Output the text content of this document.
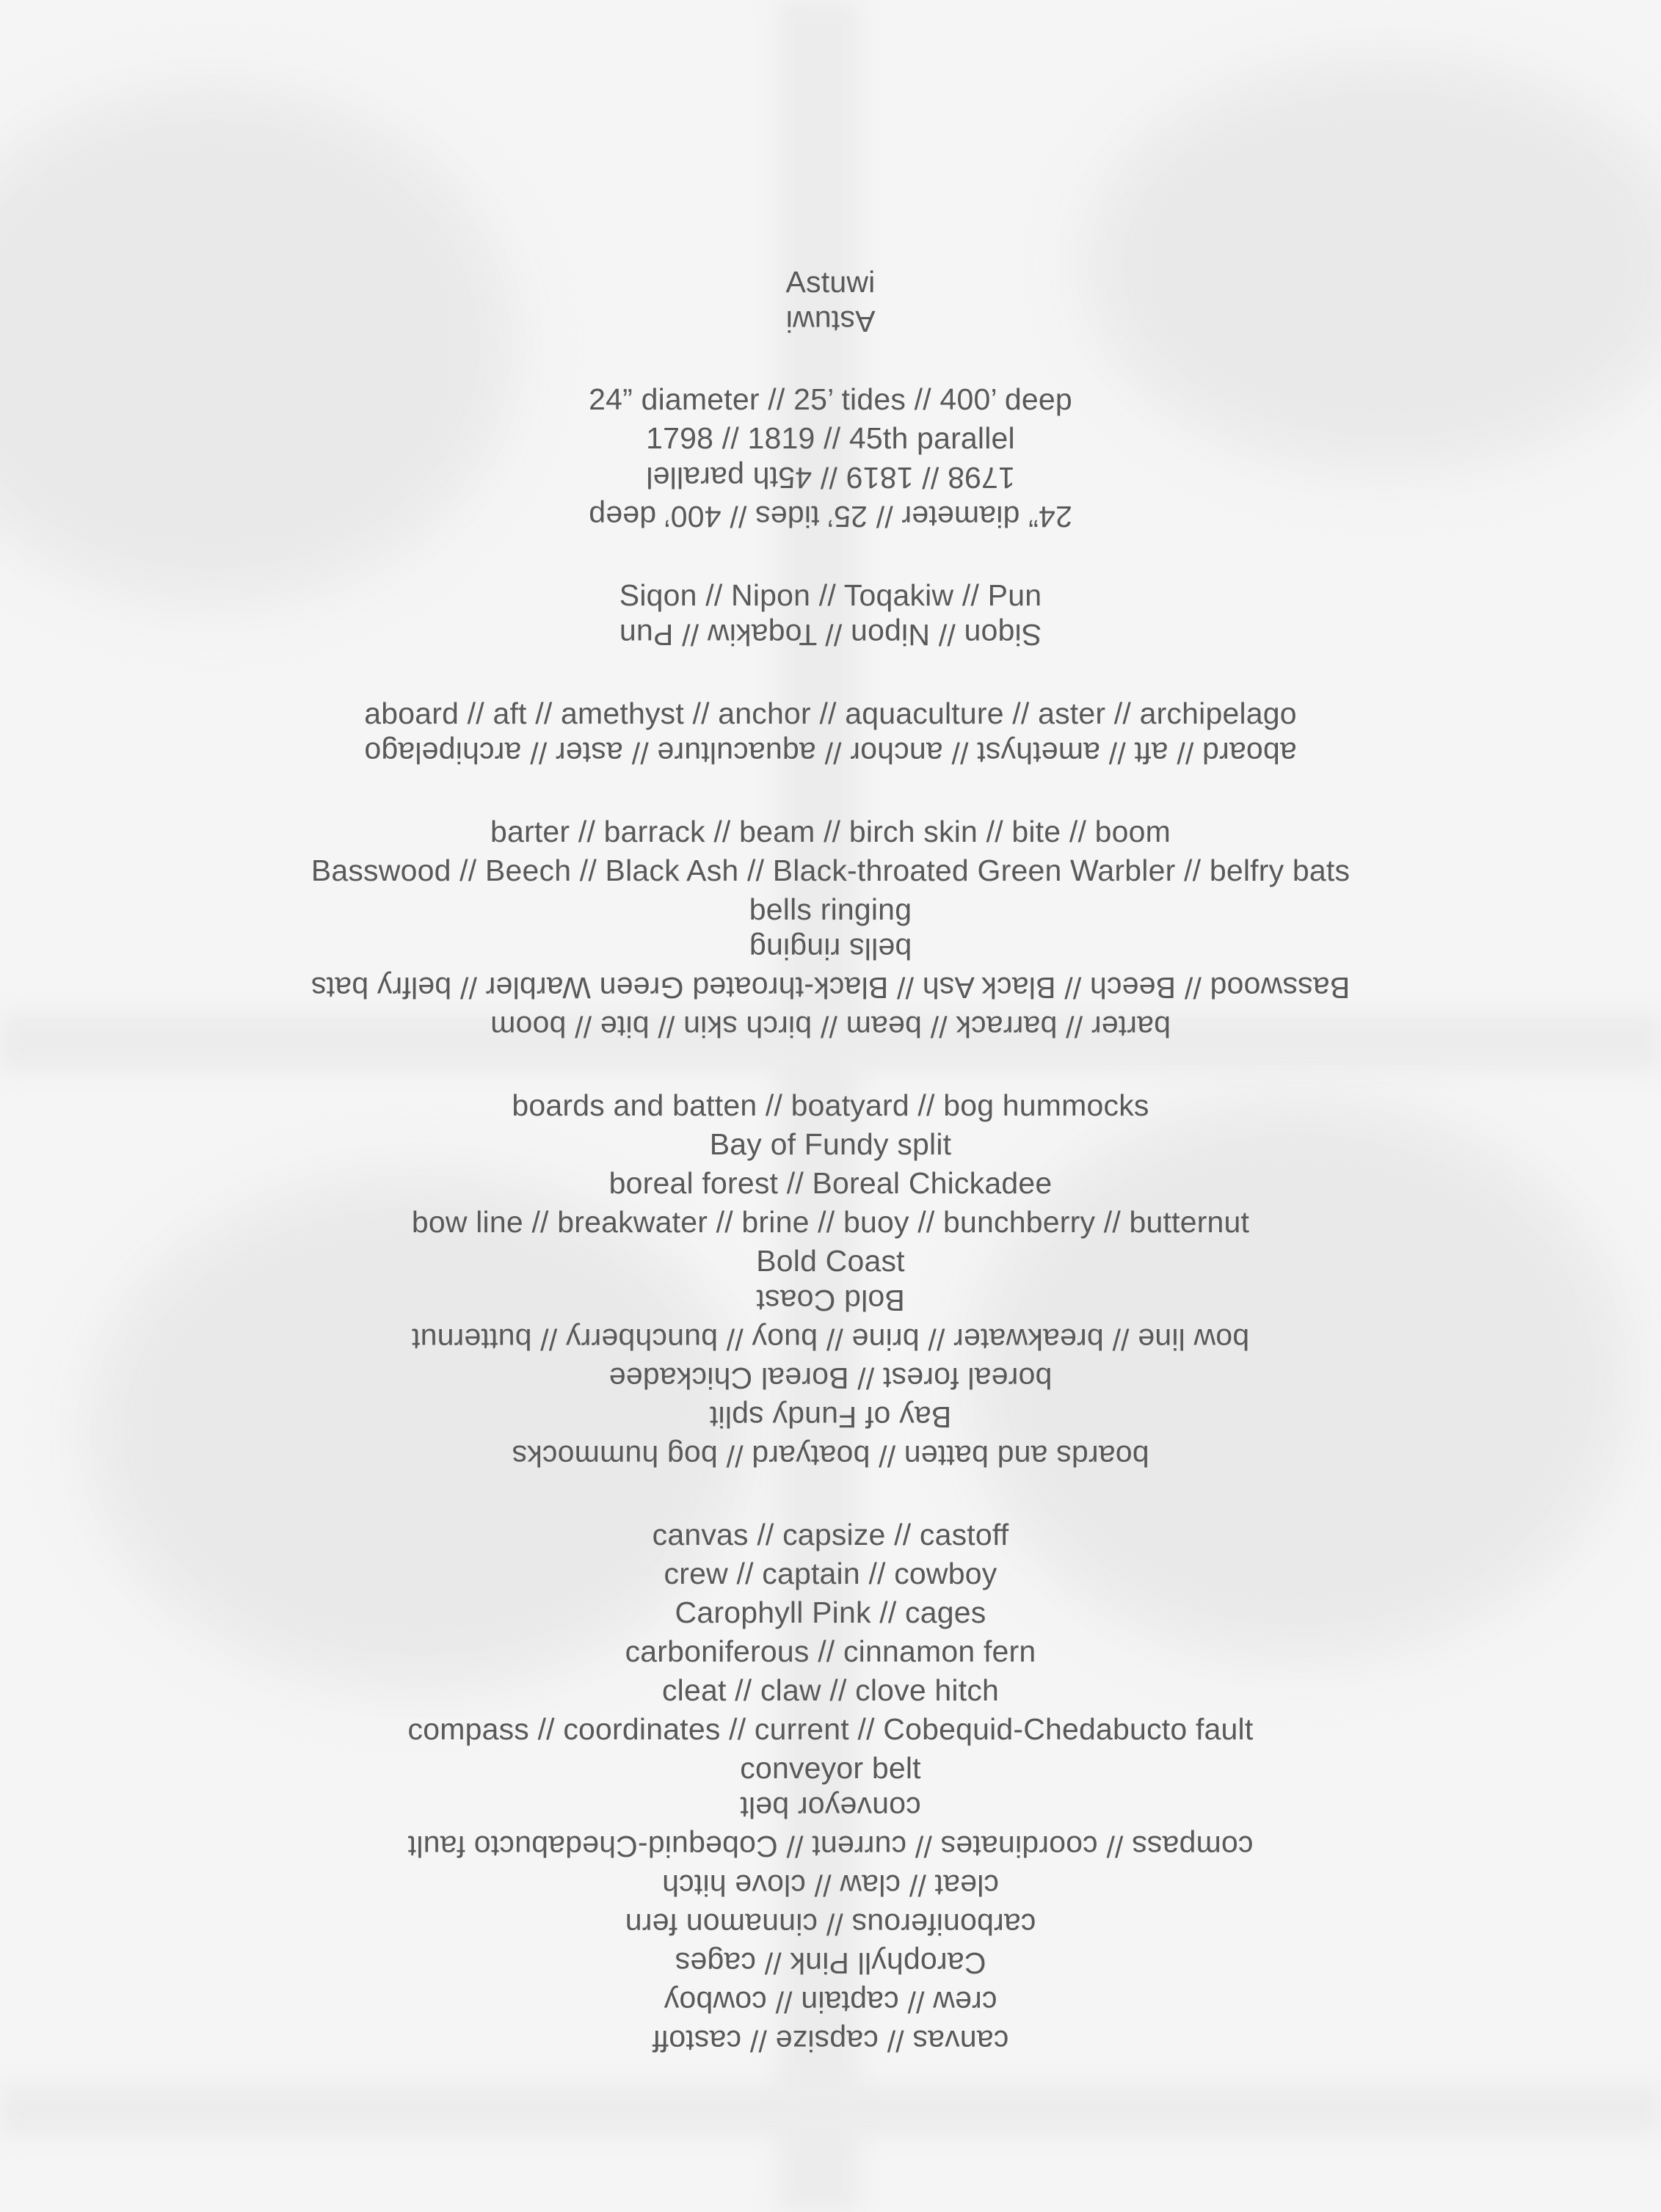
Astuwi
Astuwi
24” diameter // 25’ tides // 400’ deep
1798 // 1819 // 45th parallel
1798 // 1819 // 45th parallel
24” diameter // 25’ tides // 400’ deep
Siqon // Nipon // Toqakiw // Pun
Siqon // Nipon // Toqakiw // Pun
aboard // aft // amethyst // anchor // aquaculture // aster // archipelago
aboard // aft // amethyst // anchor // aquaculture // aster // archipelago
barter // barrack // beam // birch skin // bite // boom
Basswood // Beech // Black Ash // Black-throated Green Warbler // belfry bats
bells ringing
bells ringing
Basswood // Beech // Black Ash // Black-throated Green Warbler // belfry bats
barter // barrack // beam // birch skin // bite // boom
boards and batten // boatyard // bog hummocks
Bay of Fundy split
boreal forest // Boreal Chickadee
bow line // breakwater // brine // buoy // bunchberry // butternut
Bold Coast
Bold Coast
bow line // breakwater // brine // buoy // bunchberry // butternut
boreal forest // Boreal Chickadee
Bay of Fundy split
boards and batten // boatyard // bog hummocks
canvas // capsize // castoff
crew // captain // cowboy
Carophyll Pink // cages
carboniferous // cinnamon fern
cleat // claw // clove hitch
compass // coordinates // current // Cobequid-Chedabucto fault
conveyor belt
conveyor belt
compass // coordinates // current // Cobequid-Chedabucto fault
cleat // claw // clove hitch
carboniferous // cinnamon fern
Carophyll Pink // cages
crew // captain // cowboy
canvas // capsize // castoff
